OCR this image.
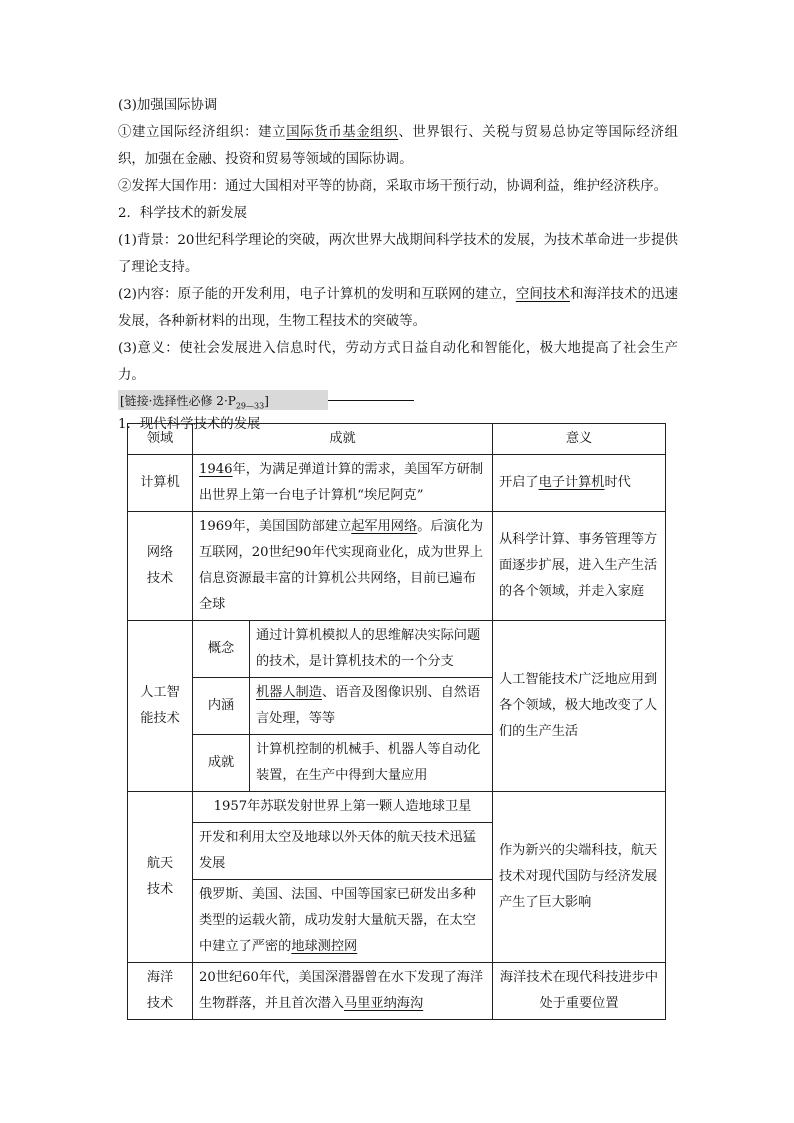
(3)加强国际协调

①建立国际经济组织：建立国际货币基金组织、世界银行、关税与贸易总协定等国际经济组织，加强在金融、投资和贸易等领域的国际协调。

②发挥大国作用：通过大国相对平等的协商，采取市场干预行动，协调利益，维护经济秩序。

2．科学技术的新发展

(1)背景：20世纪科学理论的突破，两次世界大战期间科学技术的发展，为技术革命进一步提供了理论支持。

(2)内容：原子能的开发利用，电子计算机的发明和互联网的建立，空间技术和海洋技术的迅速发展，各种新材料的出现，生物工程技术的突破等。

(3)意义：使社会发展进入信息时代，劳动方式日益自动化和智能化，极大地提高了社会生产力。

[链接·选择性必修 $2\cdot P_{29—33}$]

1．现代科学技术的发展

领域	成就		意义
计算机	1946年，为满足弹道计算的需求，美国军方研制出世界上第一台电子计算机“埃尼阿克”		开启了电子计算机时代
网络技术	1969年，美国国防部建立起军用网络。后演化为互联网，20世纪90年代实现商业化，成为世界上信息资源最丰富的计算机公共网络，目前已遍布全球		从科学计算、事务管理等方面逐步扩展，进入生产生活的各个领域，并走入家庭
人工智能技术	概念	通过计算机模拟人的思维解决实际问题的技术，是计算机技术的一个分支	人工智能技术广泛地应用到各个领域，极大地改变了人们的生产生活
	内涵	机器人制造、语音及图像识别、自然语言处理，等等	
	成就	计算机控制的机械手、机器人等自动化装置，在生产中得到大量应用	
航天技术	1957年苏联发射世界上第一颗人造地球卫星		作为新兴的尖端科技，航天技术对现代国防与经济发展产生了巨大影响
	开发和利用太空及地球以外天体的航天技术迅猛发展		
	俄罗斯、美国、法国、中国等国家已研发出多种类型的运载火箭，成功发射大量航天器，在太空中建立了严密的地球测控网		
海洋技术	20世纪60年代，美国深潜器曾在水下发现了海洋生物群落，并且首次潜入马里亚纳海沟		海洋技术在现代科技进步中处于重要位置
